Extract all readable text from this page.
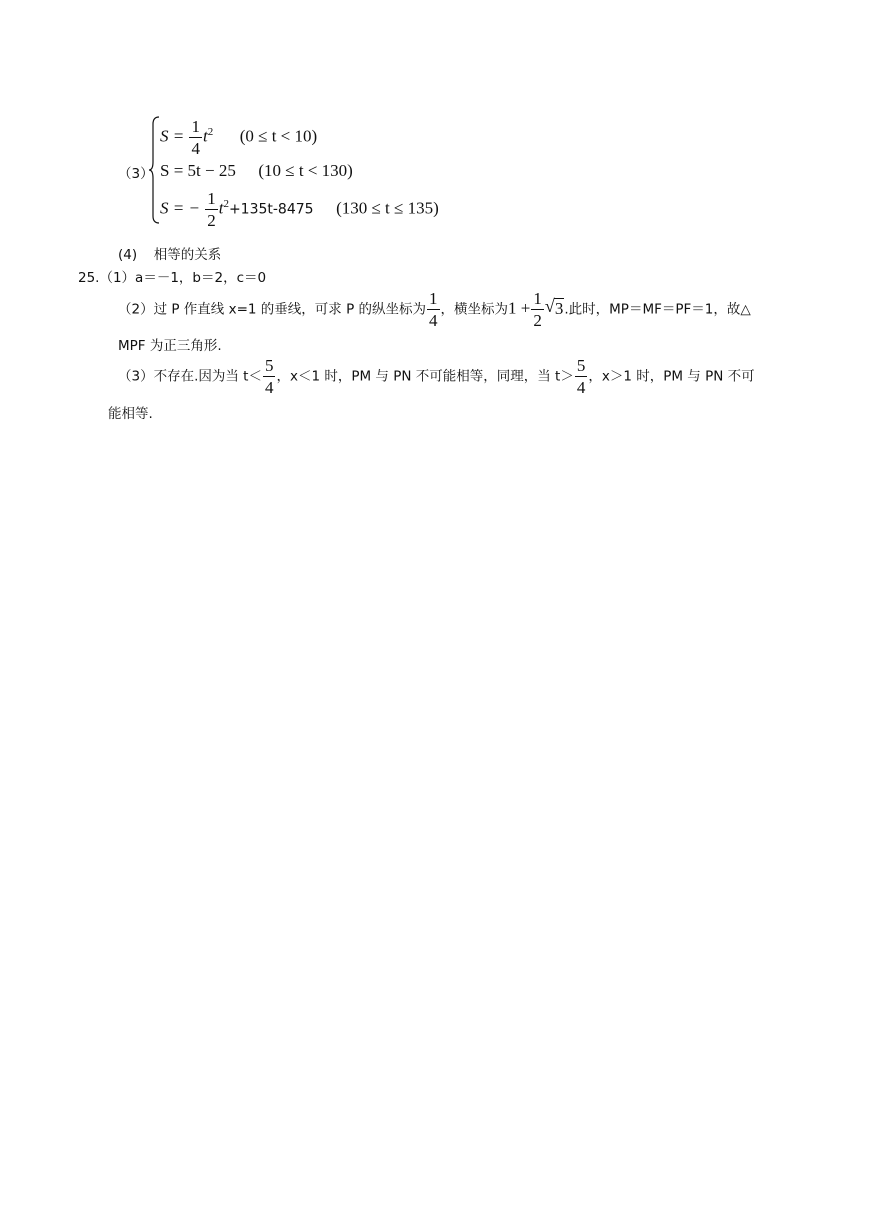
（3）
$S = \frac{1}{4} t^2$ (0 ≤ t < 10)
S = 5t − 25 (10 ≤ t < 130)
S = − $\frac{1}{2} t^2+135t-8475$ (130 ≤ t ≤ 135)
(4) 相等的关系
25.（1）a＝－1，b＝2，c＝0
（2）过 P 作直线 x=1 的垂线，可求 P 的纵坐标为 $\frac{1}{4}$ ，横坐标为$1 + \frac{1}{2}$ √ 3.此时，MP＝MF＝PF＝1，故△
MPF 为正三角形.
（3）不存在.因为当 $t< \frac{5}{4}$ ，x＜1 时，PM 与 PN 不可能相等，同理，当 $t> \frac{5}{4}$ ，x＞1 时，PM 与 PN 不可
能相等.
